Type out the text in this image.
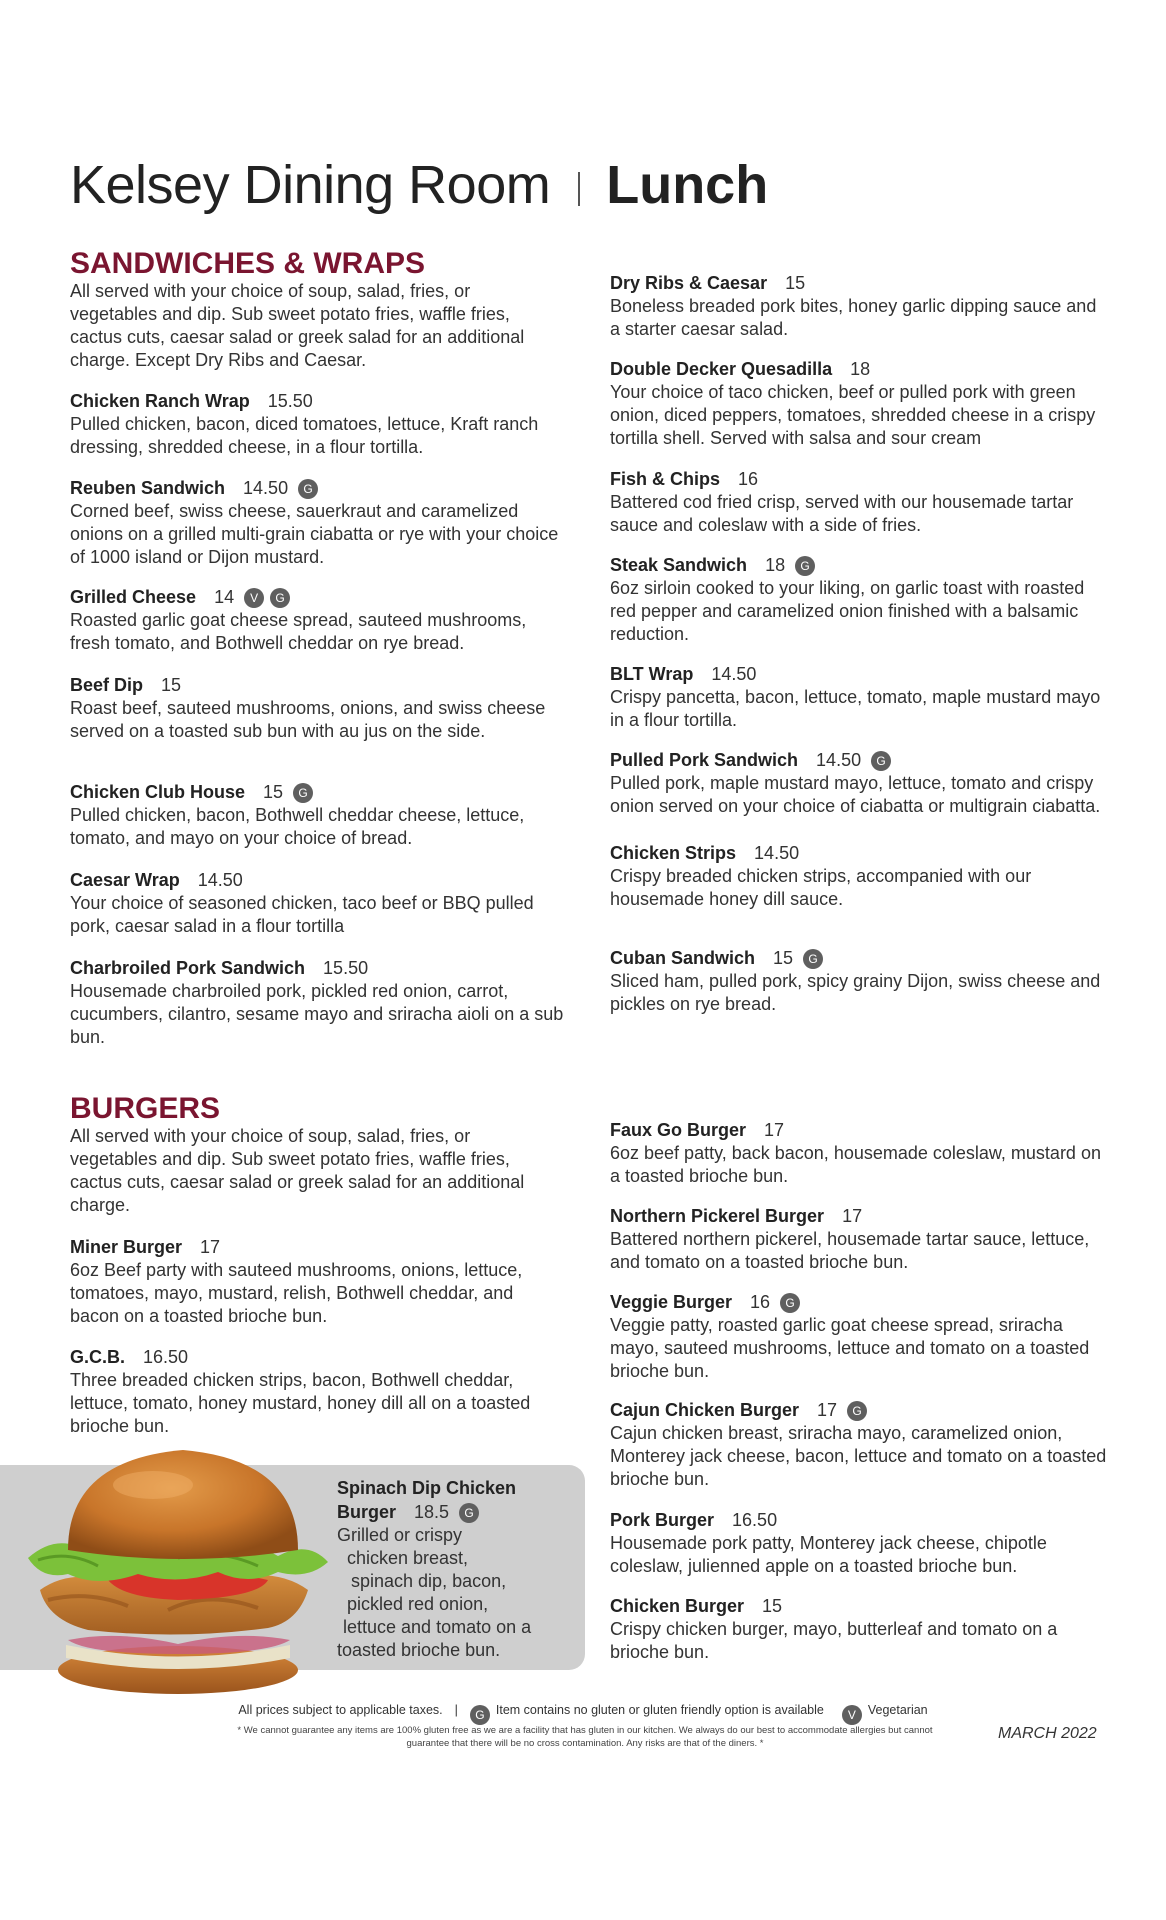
Kelsey Dining Room Lunch
SANDWICHES & WRAPS

All served with your choice of soup, salad, fries, or vegetables and dip. Sub sweet potato fries, waffle fries, cactus cuts, caesar salad or greek salad for an additional charge. Except Dry Ribs and Caesar.

Chicken Ranch Wrap 15.50
Pulled chicken, bacon, diced tomatoes, lettuce, Kraft ranch dressing, shredded cheese, in a flour tortilla.
Reuben Sandwich 14.50 G
Corned beef, swiss cheese, sauerkraut and caramelized onions on a grilled multi-grain ciabatta or rye with your choice of 1000 island or Dijon mustard.
Grilled Cheese 14 V G
Roasted garlic goat cheese spread, sauteed mushrooms, fresh tomato, and Bothwell cheddar on rye bread.
Beef Dip 15
Roast beef, sauteed mushrooms, onions, and swiss cheese served on a toasted sub bun with au jus on the side.
Chicken Club House 15 G
Pulled chicken, bacon, Bothwell cheddar cheese, lettuce, tomato, and mayo on your choice of bread.
Caesar Wrap 14.50
Your choice of seasoned chicken, taco beef or BBQ pulled pork, caesar salad in a flour tortilla
Charbroiled Pork Sandwich 15.50
Housemade charbroiled pork, pickled red onion, carrot, cucumbers, cilantro, sesame mayo and sriracha aioli on a sub bun.
Dry Ribs & Caesar 15
Boneless breaded pork bites, honey garlic dipping sauce and a starter caesar salad.
Double Decker Quesadilla 18
Your choice of taco chicken, beef or pulled pork with green onion, diced peppers, tomatoes, shredded cheese in a crispy tortilla shell. Served with salsa and sour cream
Fish & Chips 16
Battered cod fried crisp, served with our housemade tartar sauce and coleslaw with a side of fries.
Steak Sandwich 18 G
6oz sirloin cooked to your liking, on garlic toast with roasted red pepper and caramelized onion finished with a balsamic reduction.
BLT Wrap 14.50
Crispy pancetta, bacon, lettuce, tomato, maple mustard mayo in a flour tortilla.
Pulled Pork Sandwich 14.50 G
Pulled pork, maple mustard mayo, lettuce, tomato and crispy onion served on your choice of ciabatta or multigrain ciabatta.
Chicken Strips 14.50
Crispy breaded chicken strips, accompanied with our housemade honey dill sauce.
Cuban Sandwich 15 G
Sliced ham, pulled pork, spicy grainy Dijon, swiss cheese and pickles on rye bread.
BURGERS

All served with your choice of soup, salad, fries, or vegetables and dip. Sub sweet potato fries, waffle fries, cactus cuts, caesar salad or greek salad for an additional charge.

Miner Burger 17
6oz Beef party with sauteed mushrooms, onions, lettuce, tomatoes, mayo, mustard, relish, Bothwell cheddar, and bacon on a toasted brioche bun.
G.C.B. 16.50
Three breaded chicken strips, bacon, Bothwell cheddar, lettuce, tomato, honey mustard, honey dill all on a toasted brioche bun.
Faux Go Burger 17
6oz beef patty, back bacon, housemade coleslaw, mustard on a toasted brioche bun.
Northern Pickerel Burger 17
Battered northern pickerel, housemade tartar sauce, lettuce, and tomato on a toasted brioche bun.
Veggie Burger 16 G
Veggie patty, roasted garlic goat cheese spread, sriracha mayo, sauteed mushrooms, lettuce and tomato on a toasted brioche bun.
Cajun Chicken Burger 17 G
Cajun chicken breast, sriracha mayo, caramelized onion, Monterey jack cheese, bacon, lettuce and tomato on a toasted brioche bun.
Pork Burger 16.50
Housemade pork patty, Monterey jack cheese, chipotle coleslaw, julienned apple on a toasted brioche bun.
Chicken Burger 15
Crispy chicken burger, mayo, butterleaf and tomato on a brioche bun.
Spinach Dip Chicken
Burger 18.5 G
Grilled or crispy
chicken breast,
spinach dip, bacon,
pickled red onion,
lettuce and tomato on a
toasted brioche bun.
All prices subject to applicable taxes. | G Item contains no gluten or gluten friendly option is available V Vegetarian

* We cannot guarantee any items are 100% gluten free as we are a facility that has gluten in our kitchen. We always do our best to accommodate allergies but cannot guarantee that there will be no cross contamination. Any risks are that of the diners. *

MARCH 2022
